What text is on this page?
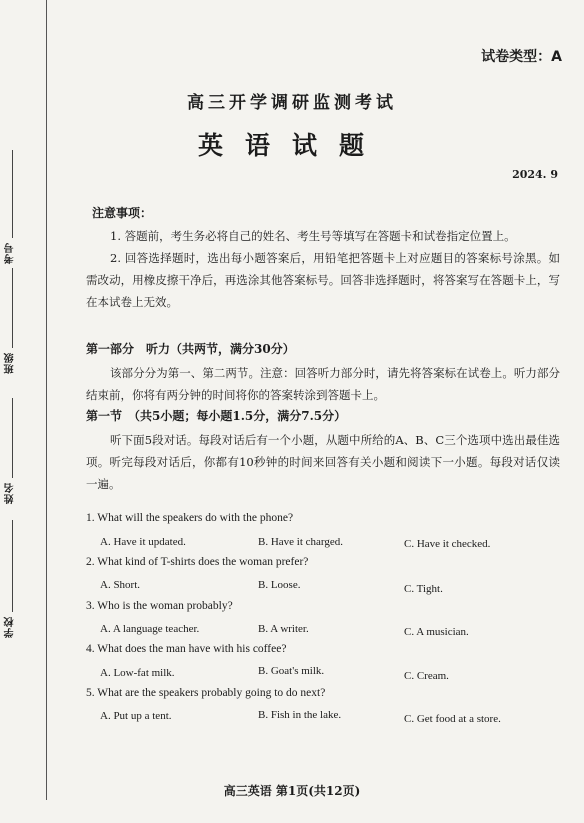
考号
班级
姓名
学校
试卷类型：A
高三开学调研监测考试
英语试题
2024. 9
注意事项：
1. 答题前，考生务必将自己的姓名、考生号等填写在答题卡和试卷指定位置上。
2. 回答选择题时，选出每小题答案后，用铅笔把答题卡上对应题目的答案标号涂黑。如需改动，用橡皮擦干净后，再选涂其他答案标号。回答非选择题时，将答案写在答题卡上，写在本试卷上无效。
第一部分　听力（共两节，满分30分）
该部分分为第一、第二两节。注意：回答听力部分时，请先将答案标在试卷上。听力部分结束前，你将有两分钟的时间将你的答案转涂到答题卡上。
第一节　（共5小题；每小题1.5分，满分7.5分）
听下面5段对话。每段对话后有一个小题，从题中所给的A、B、C三个选项中选出最佳选项。听完每段对话后，你都有10秒钟的时间来回答有关小题和阅读下一小题。每段对话仅读一遍。
1. What will the speakers do with the phone?
A. Have it updated.	B. Have it charged.	C. Have it checked.
2. What kind of T-shirts does the woman prefer?
A. Short.	B. Loose.	C. Tight.
3. Who is the woman probably?
A. A language teacher.	B. A writer.	C. A musician.
4. What does the man have with his coffee?
A. Low-fat milk.	B. Goat's milk.	C. Cream.
5. What are the speakers probably going to do next?
A. Put up a tent.	B. Fish in the lake.	C. Get food at a store.
高三英语 第1页(共12页)
